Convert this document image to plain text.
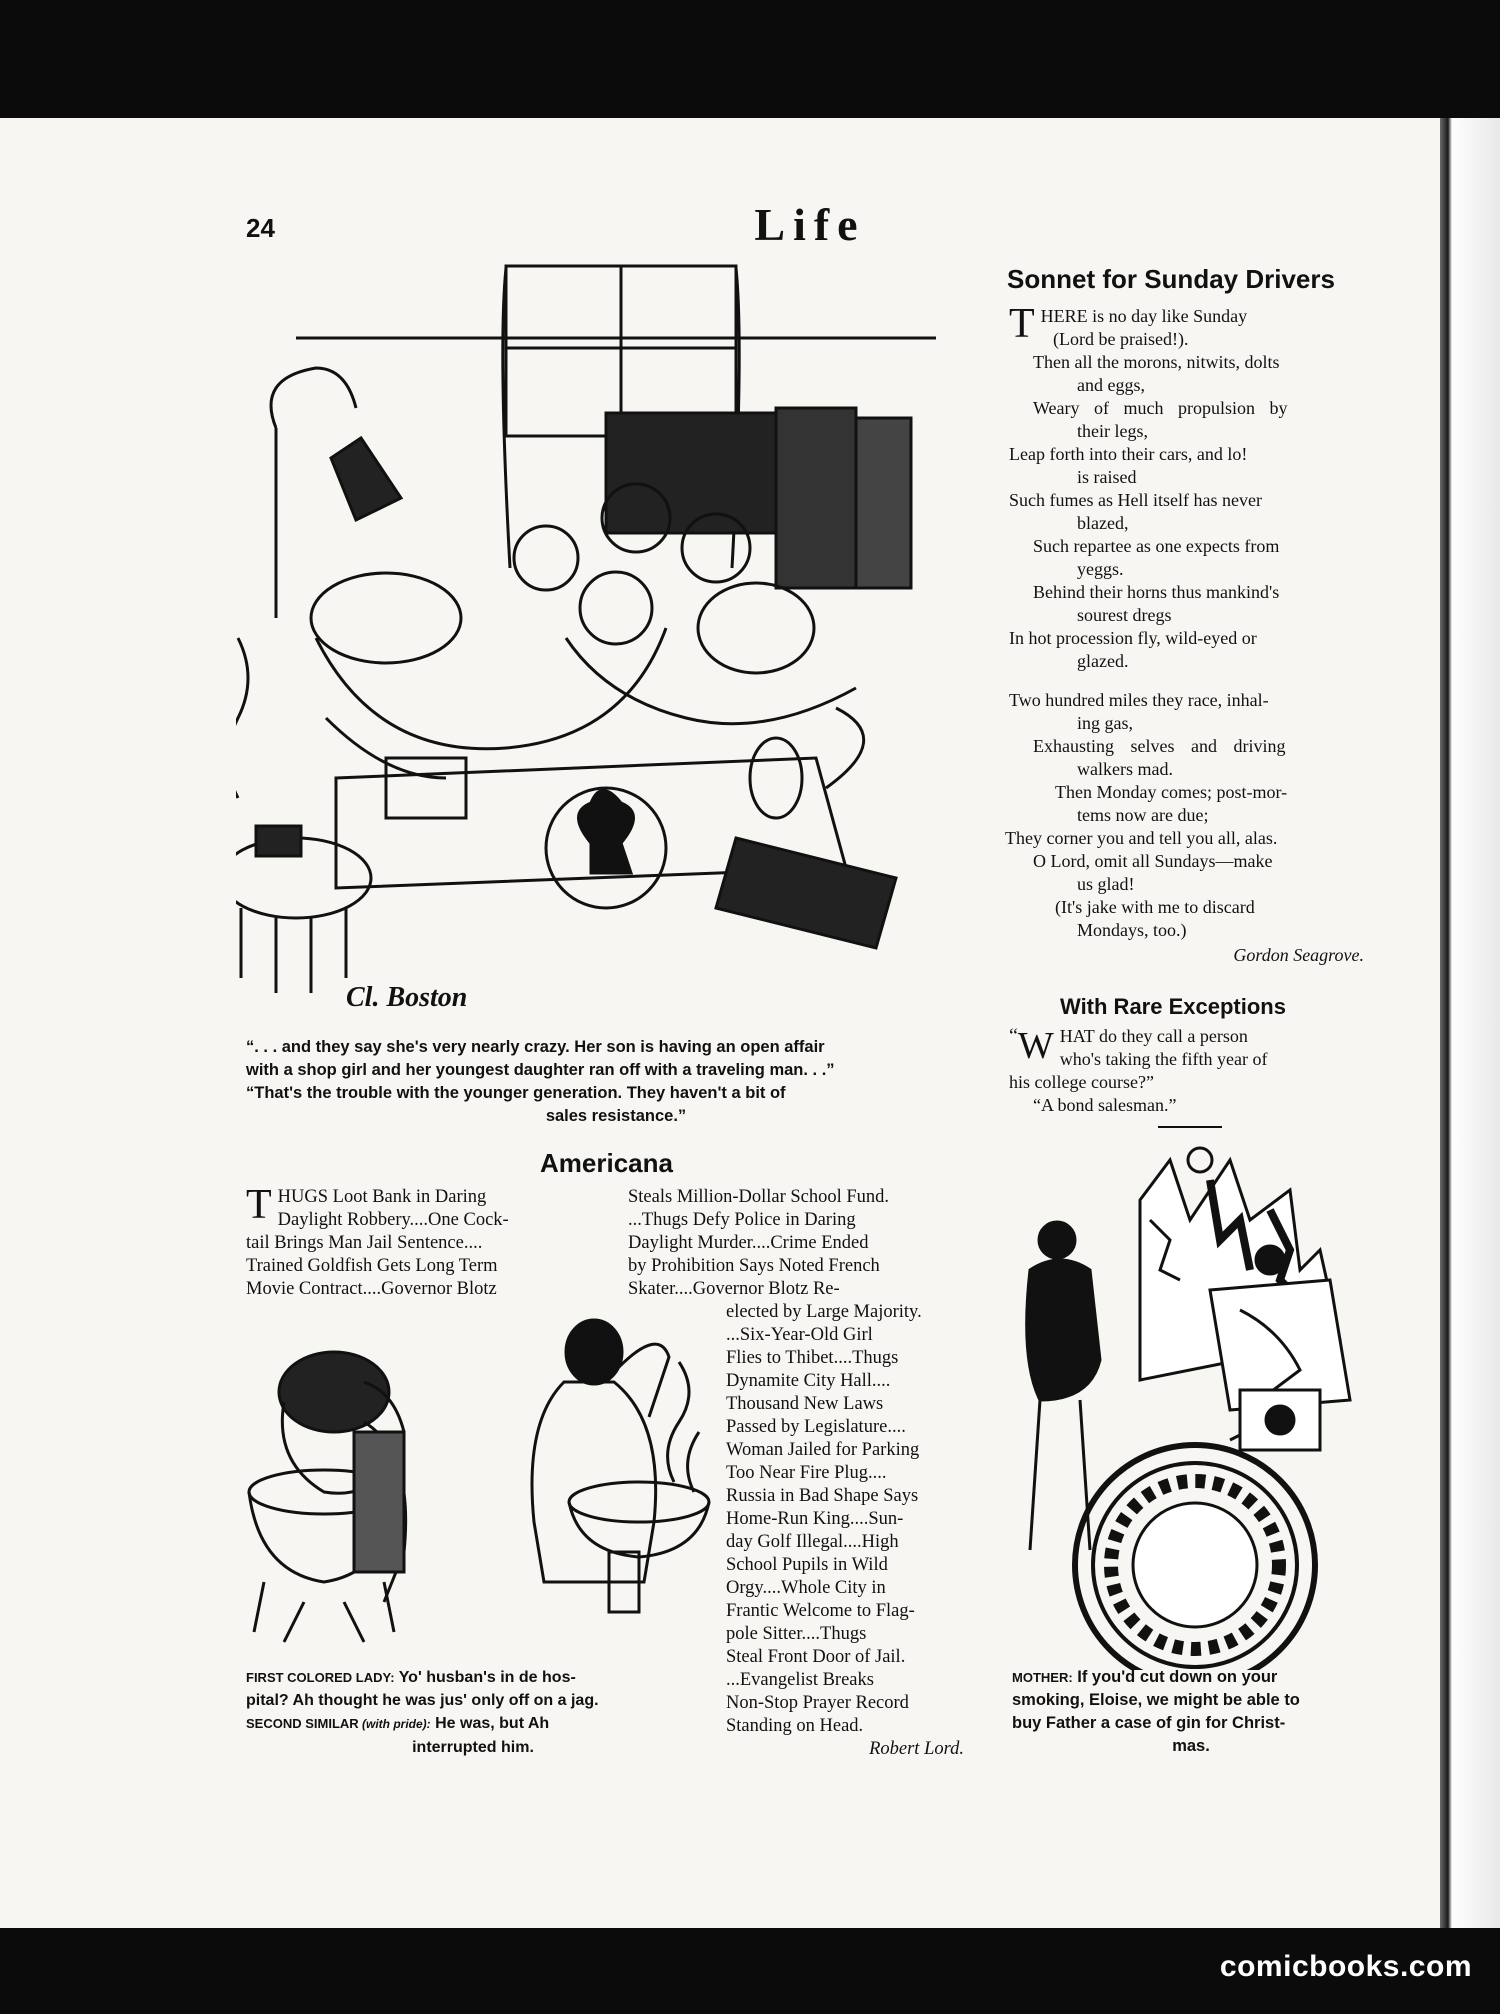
comicbooks.com
24	Life
Cl. Boston
“. . . and they say she's very nearly crazy. Her son is having an open affair
with a shop girl and her youngest daughter ran off with a traveling man. . .”
“That's the trouble with the younger generation. They haven't a bit of
sales resistance.”
Sonnet for Sunday Drivers
T HERE is no day like Sunday
(Lord be praised!).
Then all the morons, nitwits, dolts
and eggs,
Weary of much propulsion by
their legs,
Leap forth into their cars, and lo!
is raised
Such fumes as Hell itself has never
blazed,
Such repartee as one expects from
yeggs.
Behind their horns thus mankind's
sourest dregs
In hot procession fly, wild-eyed or
glazed.
Two hundred miles they race, inhal-
ing gas,
Exhausting selves and driving
walkers mad.
Then Monday comes; post-mor-
tems now are due;
They corner you and tell you all, alas.
O Lord, omit all Sundays—make
us glad!
(It's jake with me to discard
Mondays, too.)
Gordon Seagrove.
With Rare Exceptions
“ W HAT do they call a person
who's taking the fifth year of
his college course?”
“A bond salesman.”
Americana
T HUGS Loot Bank in Daring
Daylight Robbery....One Cock-
tail Brings Man Jail Sentence....
Trained Goldfish Gets Long Term
Movie Contract....Governor Blotz
Steals Million-Dollar School Fund.
...Thugs Defy Police in Daring
Daylight Murder....Crime Ended
by Prohibition Says Noted French
Skater....Governor Blotz Re-
elected by Large Majority.
...Six-Year-Old Girl
Flies to Thibet....Thugs
Dynamite City Hall....
Thousand New Laws
Passed by Legislature....
Woman Jailed for Parking
Too Near Fire Plug....
Russia in Bad Shape Says
Home-Run King....Sun-
day Golf Illegal....High
School Pupils in Wild
Orgy....Whole City in
Frantic Welcome to Flag-
pole Sitter....Thugs
Steal Front Door of Jail.
...Evangelist Breaks
Non-Stop Prayer Record
Standing on Head.
Robert Lord.
FIRST COLORED LADY: Yo' husban's in de hos-
pital? Ah thought he was jus' only off on a jag.
SECOND SIMILAR (with pride): He was, but Ah
interrupted him.
MOTHER: If you'd cut down on your
smoking, Eloise, we might be able to
buy Father a case of gin for Christ-
mas.
